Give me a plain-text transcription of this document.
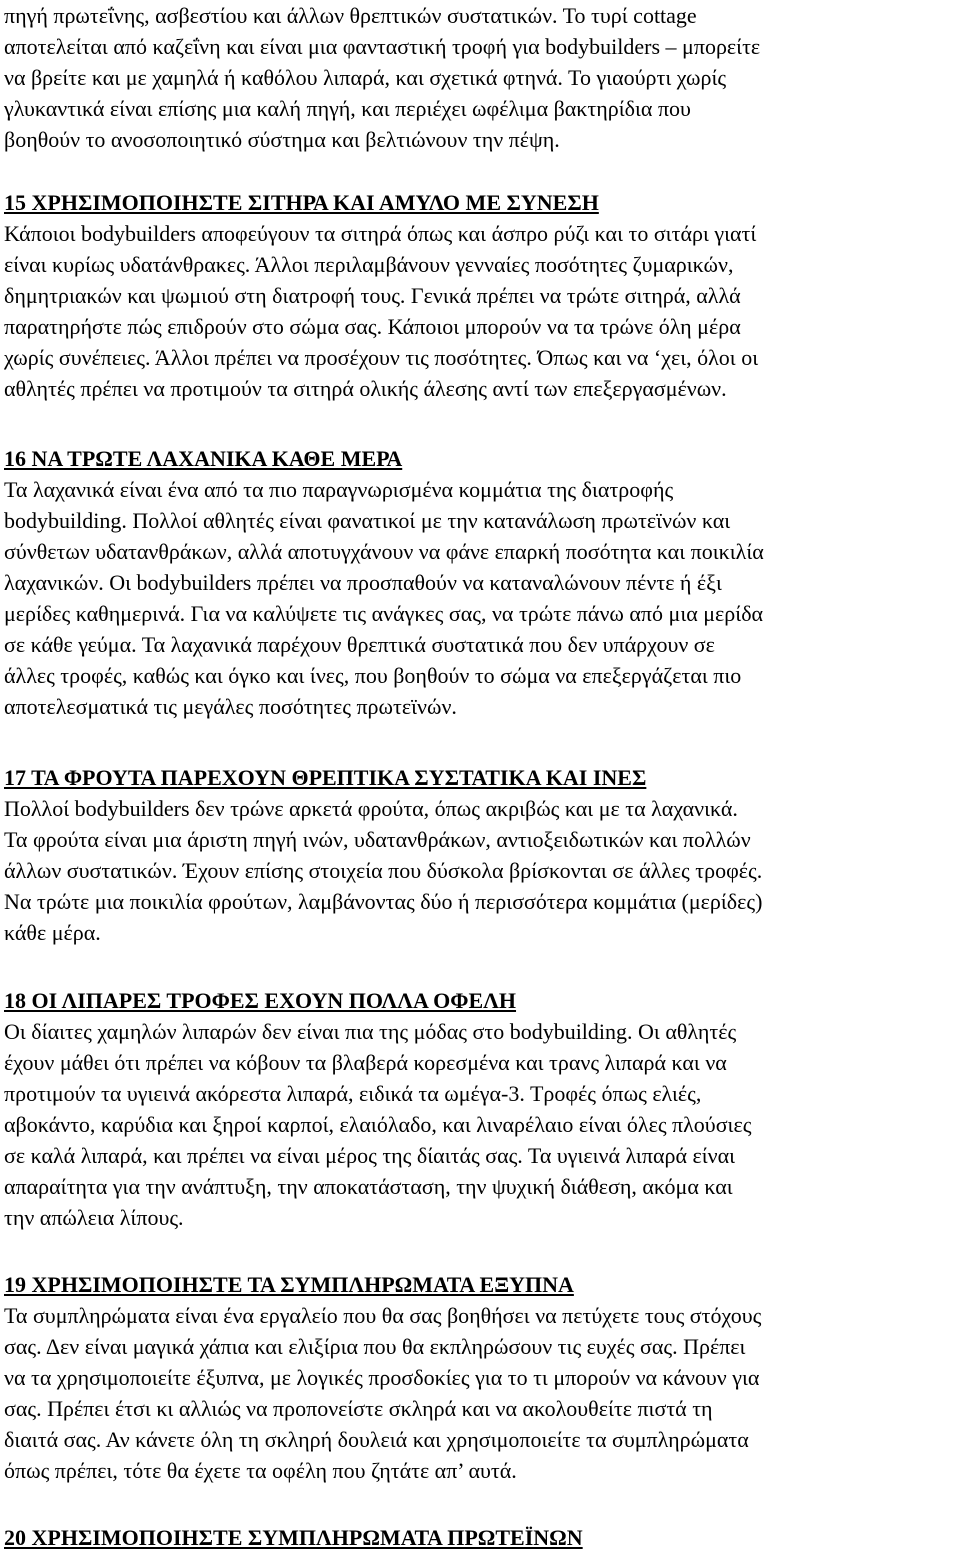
πηγή πρωτεΐνης, ασβεστίου και άλλων θρεπτικών συστατικών. Το τυρί cottage
αποτελείται από καζεΐνη και είναι μια φανταστική τροφή για bodybuilders – μπορείτε
να βρείτε και με χαμηλά ή καθόλου λιπαρά, και σχετικά φτηνά. Το γιαούρτι χωρίς
γλυκαντικά είναι επίσης μια καλή πηγή, και περιέχει ωφέλιμα βακτηρίδια που
βοηθούν το ανοσοποιητικό σύστημα και βελτιώνουν την πέψη.
15 ΧΡΗΣΙΜΟΠΟΙΗΣΤΕ ΣΙΤΗΡΑ ΚΑΙ ΑΜΥΛΟ ΜΕ ΣΥΝΕΣΗ
Κάποιοι bodybuilders αποφεύγουν τα σιτηρά όπως και άσπρο ρύζι και το σιτάρι γιατί
είναι κυρίως υδατάνθρακες. Άλλοι περιλαμβάνουν γενναίες ποσότητες ζυμαρικών,
δημητριακών και ψωμιού στη διατροφή τους. Γενικά πρέπει να τρώτε σιτηρά, αλλά
παρατηρήστε πώς επιδρούν στο σώμα σας. Κάποιοι μπορούν να τα τρώνε όλη μέρα
χωρίς συνέπειες. Άλλοι πρέπει να προσέχουν τις ποσότητες. Όπως και να ‘χει, όλοι οι
αθλητές πρέπει να προτιμούν τα σιτηρά ολικής άλεσης αντί των επεξεργασμένων.
16 ΝΑ ΤΡΩΤΕ ΛΑΧΑΝΙΚΑ ΚΑΘΕ ΜΕΡΑ
Τα λαχανικά είναι ένα από τα πιο παραγνωρισμένα κομμάτια της διατροφής
bodybuilding. Πολλοί αθλητές είναι φανατικοί με την κατανάλωση πρωτεϊνών και
σύνθετων υδατανθράκων, αλλά αποτυγχάνουν να φάνε επαρκή ποσότητα και ποικιλία
λαχανικών. Οι bodybuilders πρέπει να προσπαθούν να καταναλώνουν πέντε ή έξι
μερίδες καθημερινά. Για να καλύψετε τις ανάγκες σας, να τρώτε πάνω από μια μερίδα
σε κάθε γεύμα. Τα λαχανικά παρέχουν θρεπτικά συστατικά που δεν υπάρχουν σε
άλλες τροφές, καθώς και όγκο και ίνες, που βοηθούν το σώμα να επεξεργάζεται πιο
αποτελεσματικά τις μεγάλες ποσότητες πρωτεϊνών.
17 ΤΑ ΦΡΟΥΤΑ ΠΑΡΕΧΟΥΝ ΘΡΕΠΤΙΚΑ ΣΥΣΤΑΤΙΚΑ ΚΑΙ ΙΝΕΣ
Πολλοί bodybuilders δεν τρώνε αρκετά φρούτα, όπως ακριβώς και με τα λαχανικά.
Τα φρούτα είναι μια άριστη πηγή ινών, υδατανθράκων, αντιοξειδωτικών και πολλών
άλλων συστατικών. Έχουν επίσης στοιχεία που δύσκολα βρίσκονται σε άλλες τροφές.
Να τρώτε μια ποικιλία φρούτων, λαμβάνοντας δύο ή περισσότερα κομμάτια (μερίδες)
κάθε μέρα.
18 ΟΙ ΛΙΠΑΡΕΣ ΤΡΟΦΕΣ ΕΧΟΥΝ ΠΟΛΛΑ ΟΦΕΛΗ
Οι δίαιτες χαμηλών λιπαρών δεν είναι πια της μόδας στο bodybuilding. Οι αθλητές
έχουν μάθει ότι πρέπει να κόβουν τα βλαβερά κορεσμένα και τρανς λιπαρά και να
προτιμούν τα υγιεινά ακόρεστα λιπαρά, ειδικά τα ωμέγα-3. Τροφές όπως ελιές,
αβοκάντο, καρύδια και ξηροί καρποί, ελαιόλαδο, και λιναρέλαιο είναι όλες πλούσιες
σε καλά λιπαρά, και πρέπει να είναι μέρος της δίαιτάς σας. Τα υγιεινά λιπαρά είναι
απαραίτητα για την ανάπτυξη, την αποκατάσταση, την ψυχική διάθεση, ακόμα και
την απώλεια λίπους.
19 ΧΡΗΣΙΜΟΠΟΙΗΣΤΕ ΤΑ ΣΥΜΠΛΗΡΩΜΑΤΑ ΕΞΥΠΝΑ
Τα συμπληρώματα είναι ένα εργαλείο που θα σας βοηθήσει να πετύχετε τους στόχους
σας. Δεν είναι μαγικά χάπια και ελιξίρια που θα εκπληρώσουν τις ευχές σας. Πρέπει
να τα χρησιμοποιείτε έξυπνα, με λογικές προσδοκίες για το τι μπορούν να κάνουν για
σας. Πρέπει έτσι κι αλλιώς να προπονείστε σκληρά και να ακολουθείτε πιστά τη
διαιτά σας. Αν κάνετε όλη τη σκληρή δουλειά και χρησιμοποιείτε τα συμπληρώματα
όπως πρέπει, τότε θα έχετε τα οφέλη που ζητάτε απ’ αυτά.
20 ΧΡΗΣΙΜΟΠΟΙΗΣΤΕ ΣΥΜΠΛΗΡΩΜΑΤΑ ΠΡΩΤΕΪΝΩΝ
